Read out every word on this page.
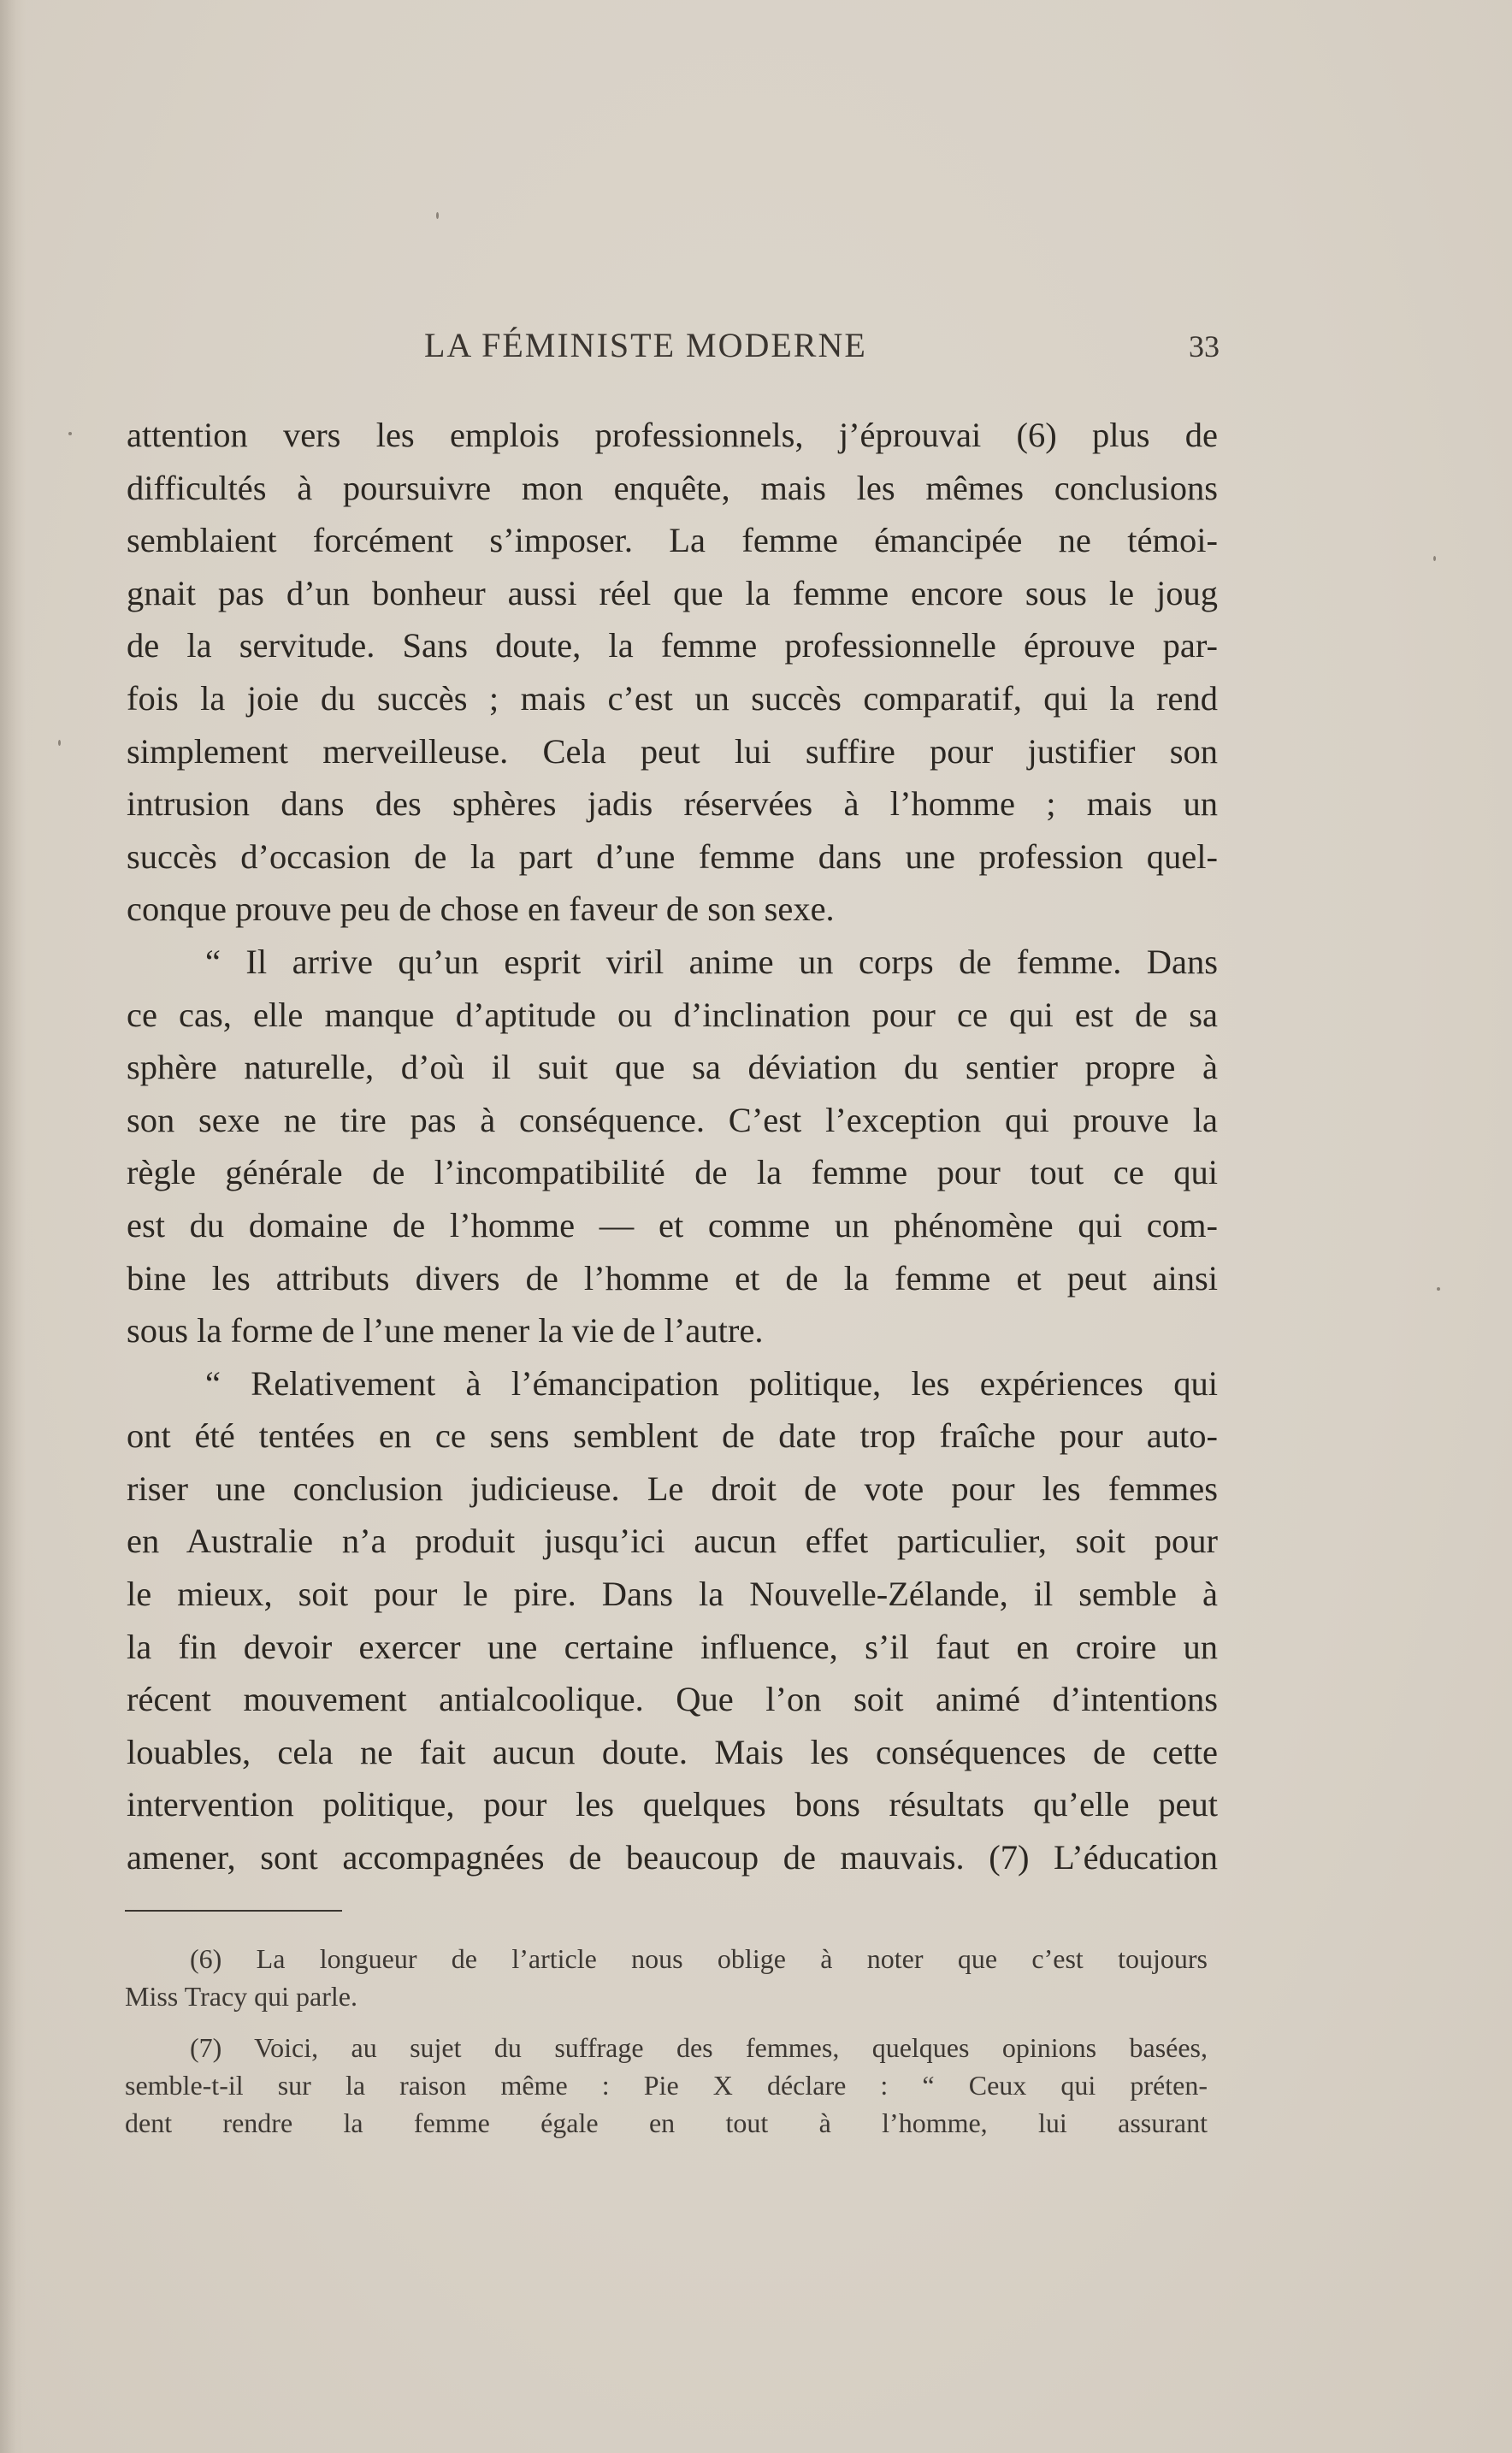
LA FÉMINISTE MODERNE	33
attention vers les emplois professionnels, j’éprouvai (6) plus de
difficultés à poursuivre mon enquête, mais les mêmes conclusions
semblaient forcément s’imposer. La femme émancipée ne témoi-
gnait pas d’un bonheur aussi réel que la femme encore sous le joug
de la servitude. Sans doute, la femme professionnelle éprouve par-
fois la joie du succès ; mais c’est un succès comparatif, qui la rend
simplement merveilleuse. Cela peut lui suffire pour justifier son
intrusion dans des sphères jadis réservées à l’homme ; mais un
succès d’occasion de la part d’une femme dans une profession quel-
conque prouve peu de chose en faveur de son sexe.
“ Il arrive qu’un esprit viril anime un corps de femme. Dans
ce cas, elle manque d’aptitude ou d’inclination pour ce qui est de sa
sphère naturelle, d’où il suit que sa déviation du sentier propre à
son sexe ne tire pas à conséquence. C’est l’exception qui prouve la
règle générale de l’incompatibilité de la femme pour tout ce qui
est du domaine de l’homme — et comme un phénomène qui com-
bine les attributs divers de l’homme et de la femme et peut ainsi
sous la forme de l’une mener la vie de l’autre.
“ Relativement à l’émancipation politique, les expériences qui
ont été tentées en ce sens semblent de date trop fraîche pour auto-
riser une conclusion judicieuse. Le droit de vote pour les femmes
en Australie n’a produit jusqu’ici aucun effet particulier, soit pour
le mieux, soit pour le pire. Dans la Nouvelle-Zélande, il semble à
la fin devoir exercer une certaine influence, s’il faut en croire un
récent mouvement antialcoolique. Que l’on soit animé d’intentions
louables, cela ne fait aucun doute. Mais les conséquences de cette
intervention politique, pour les quelques bons résultats qu’elle peut
amener, sont accompagnées de beaucoup de mauvais. (7) L’éducation
(6) La longueur de l’article nous oblige à noter que c’est toujours
Miss Tracy qui parle.
(7) Voici, au sujet du suffrage des femmes, quelques opinions basées,
semble-t-il sur la raison même : Pie X déclare : “ Ceux qui préten-
dent rendre la femme égale en tout à l’homme, lui assurant
